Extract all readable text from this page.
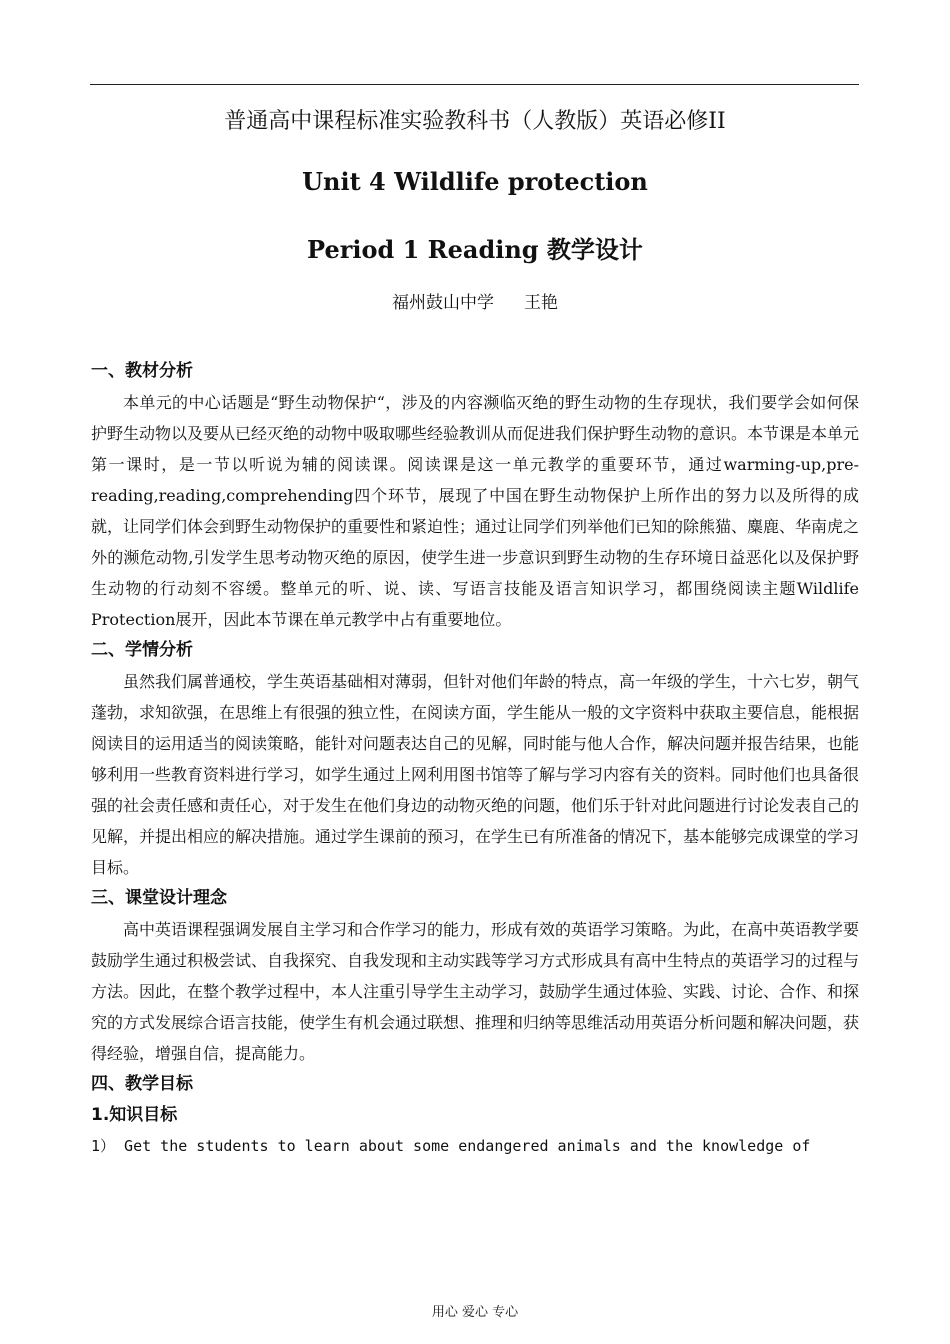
普通高中课程标准实验教科书（人教版）英语必修II
Unit 4 Wildlife protection
Period 1 Reading 教学设计
福州鼓山中学 王艳
一、教材分析

本单元的中心话题是“野生动物保护“，涉及的内容濒临灭绝的野生动物的生存现状，我们要学会如何保护野生动物以及要从已经灭绝的动物中吸取哪些经验教训从而促进我们保护野生动物的意识。本节课是本单元第一课时，是一节以听说为辅的阅读课。阅读课是这一单元教学的重要环节，通过warming-up,pre-reading,reading,comprehending四个环节，展现了中国在野生动物保护上所作出的努力以及所得的成就，让同学们体会到野生动物保护的重要性和紧迫性；通过让同学们列举他们已知的除熊猫、麋鹿、华南虎之外的濒危动物,引发学生思考动物灭绝的原因，使学生进一步意识到野生动物的生存环境日益恶化以及保护野生动物的行动刻不容缓。整单元的听、说、读、写语言技能及语言知识学习，都围绕阅读主题Wildlife Protection展开，因此本节课在单元教学中占有重要地位。

二、学情分析

虽然我们属普通校，学生英语基础相对薄弱，但针对他们年龄的特点，高一年级的学生，十六七岁，朝气蓬勃，求知欲强，在思维上有很强的独立性，在阅读方面，学生能从一般的文字资料中获取主要信息，能根据阅读目的运用适当的阅读策略，能针对问题表达自己的见解，同时能与他人合作，解决问题并报告结果，也能够利用一些教育资料进行学习，如学生通过上网利用图书馆等了解与学习内容有关的资料。同时他们也具备很强的社会责任感和责任心，对于发生在他们身边的动物灭绝的问题，他们乐于针对此问题进行讨论发表自己的见解，并提出相应的解决措施。通过学生课前的预习，在学生已有所准备的情况下，基本能够完成课堂的学习目标。

三、课堂设计理念

高中英语课程强调发展自主学习和合作学习的能力，形成有效的英语学习策略。为此，在高中英语教学要鼓励学生通过积极尝试、自我探究、自我发现和主动实践等学习方式形成具有高中生特点的英语学习的过程与方法。因此，在整个教学过程中，本人注重引导学生主动学习，鼓励学生通过体验、实践、讨论、合作、和探究的方式发展综合语言技能，使学生有机会通过联想、推理和归纳等思维活动用英语分析问题和解决问题，获得经验，增强自信，提高能力。

四、教学目标
1.知识目标

1） Get the students to learn about some endangered animals and the knowledge of

用心 爱心 专心
